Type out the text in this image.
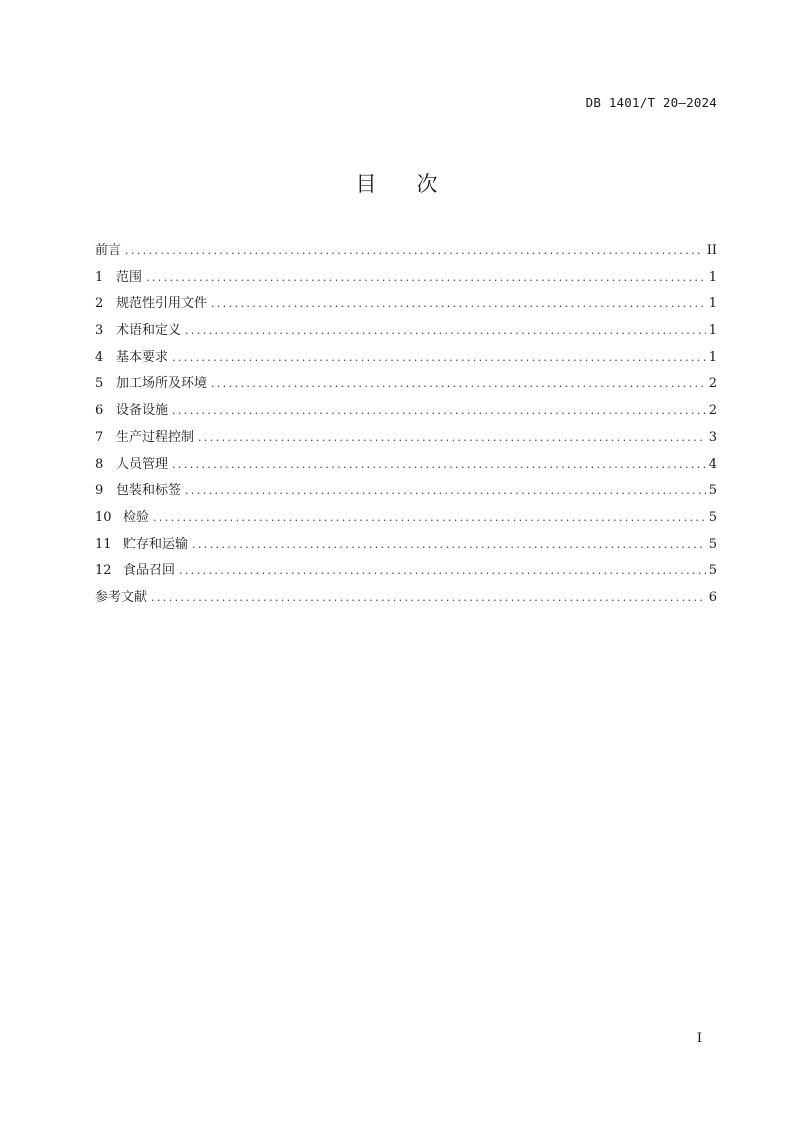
DB 1401/T 20—2024
目 次
前言 .....	II
1 范围 .....	1
2 规范性引用文件 .....	1
3 术语和定义 .....	1
4 基本要求 .....	1
5 加工场所及环境 .....	2
6 设备设施 .....	2
7 生产过程控制 .....	3
8 人员管理 .....	4
9 包装和标签 .....	5
10 检验 .....	5
11 贮存和运输 .....	5
12 食品召回 .....	5
参考文献 .....	6
I
